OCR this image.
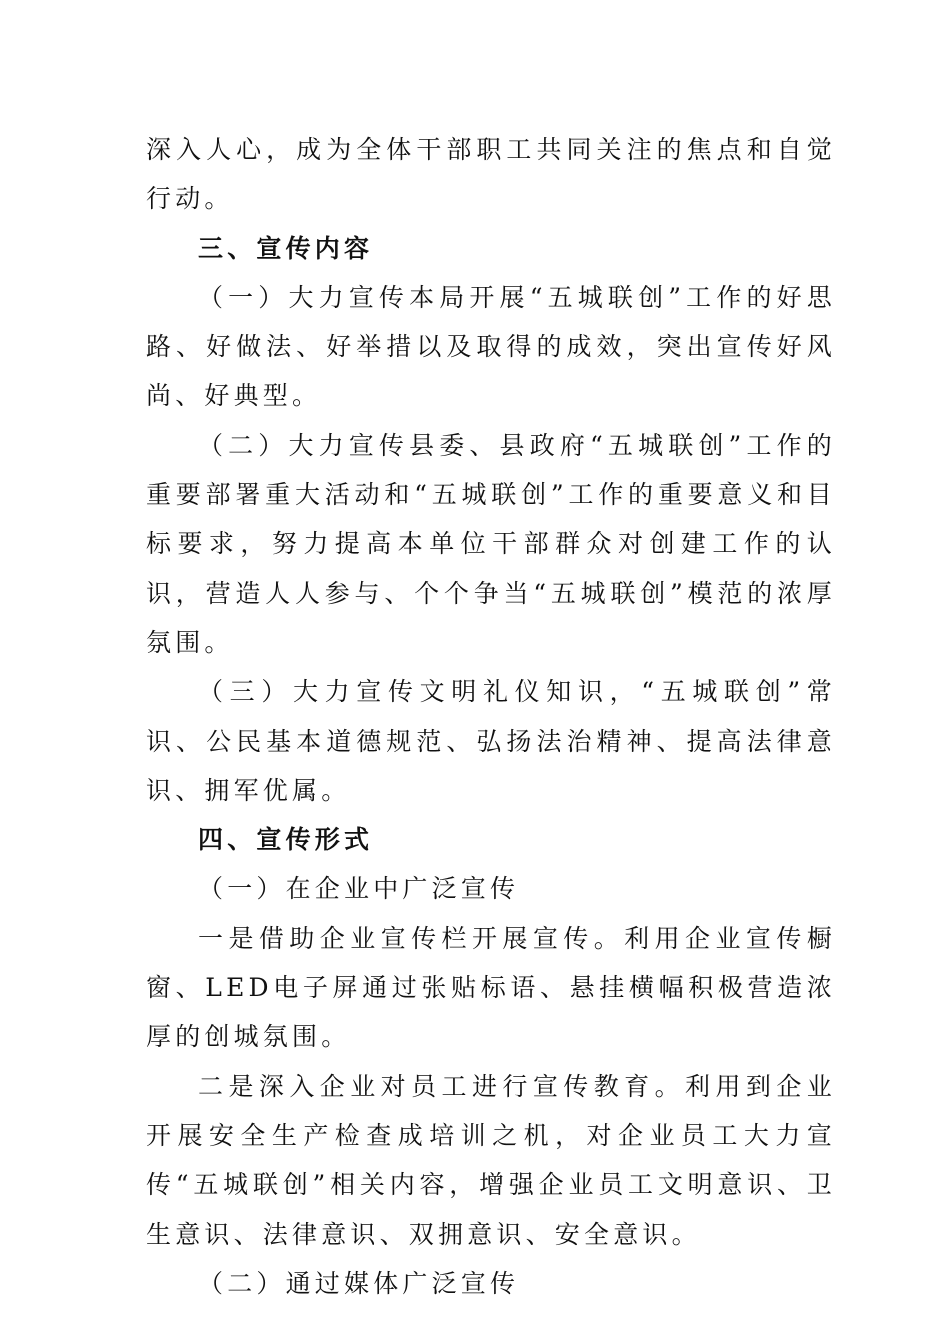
深入人心，成为全体干部职工共同关注的焦点和自觉行动。

三、宣传内容

（一）大力宣传本局开展“五城联创”工作的好思路、好做法、好举措以及取得的成效，突出宣传好风尚、好典型。

（二）大力宣传县委、县政府“五城联创”工作的重要部署重大活动和“五城联创”工作的重要意义和目标要求，努力提高本单位干部群众对创建工作的认识，营造人人参与、个个争当“五城联创”模范的浓厚氛围。

（三）大力宣传文明礼仪知识，“五城联创”常识、公民基本道德规范、弘扬法治精神、提高法律意识、拥军优属。

四、宣传形式

（一）在企业中广泛宣传

一是借助企业宣传栏开展宣传。利用企业宣传橱窗、LED电子屏通过张贴标语、悬挂横幅积极营造浓厚的创城氛围。

二是深入企业对员工进行宣传教育。利用到企业开展安全生产检查成培训之机，对企业员工大力宣传“五城联创”相关内容，增强企业员工文明意识、卫生意识、法律意识、双拥意识、安全意识。

（二）通过媒体广泛宣传
